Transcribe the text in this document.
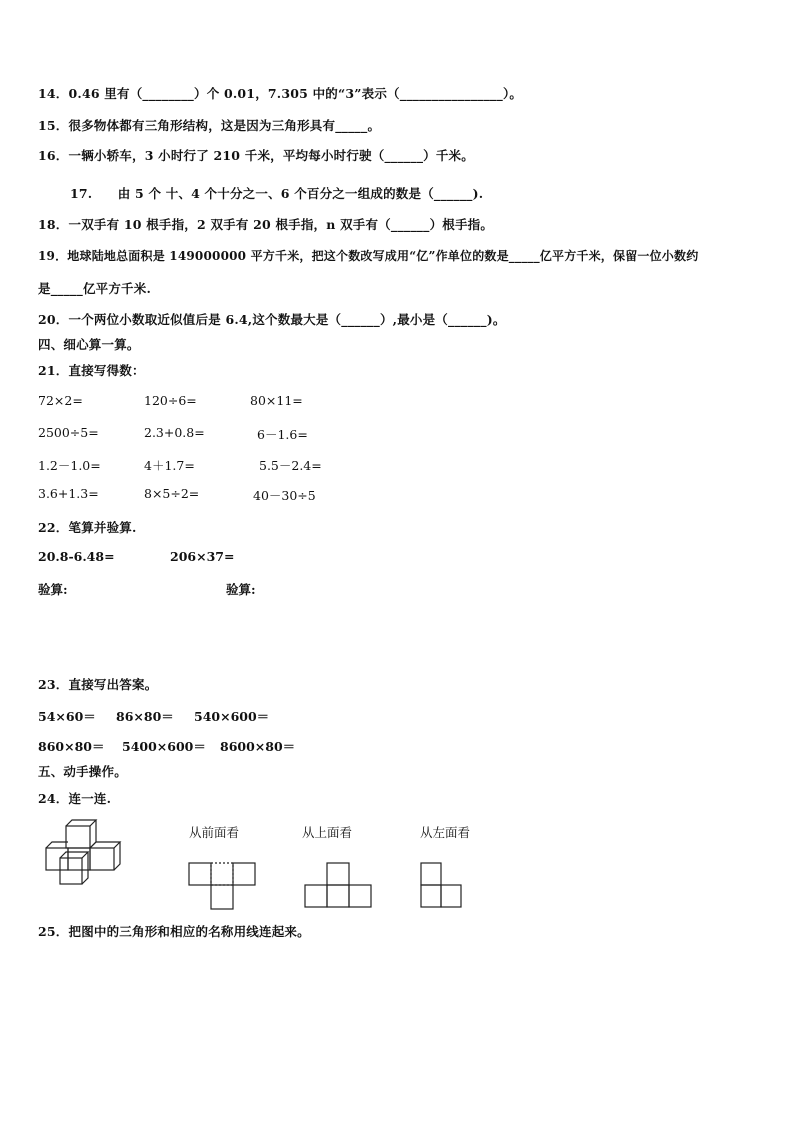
14．0.46 里有（________）个 0.01，7.305 中的“3”表示（________________）。
15．很多物体都有三角形结构，这是因为三角形具有_____。
16．一辆小轿车，3 小时行了 210 千米，平均每小时行驶（______）千米。
17.　　由 5 个 十、4 个十分之一、6 个百分之一组成的数是（______).
18．一双手有 10 根手指，2 双手有 20 根手指，n 双手有（______）根手指。
19．地球陆地总面积是 149000000 平方千米，把这个数改写成用“亿”作单位的数是_____亿平方千米，保留一位小数约
是_____亿平方千米.
20．一个两位小数取近似值后是 6.4,这个数最大是（______）,最小是（______)。
四、细心算一算。
21．直接写得数：
72×2=	120÷6=	80×11=
2500÷5=	2.3+0.8=	6－1.6=
1.2－1.0=	4＋1.7=	5.5－2.4=
3.6+1.3=	8×5÷2=	40－30÷5
22．笔算并验算.
20.8-6.48=	206×37=
验算:	验算:
23．直接写出答案。
54×60＝ 86×80＝ 540×600＝
860×80＝ 5400×600＝ 8600×80＝
五、动手操作。
24．连一连.
从前面看	从上面看	从左面看
25．把图中的三角形和相应的名称用线连起来。
